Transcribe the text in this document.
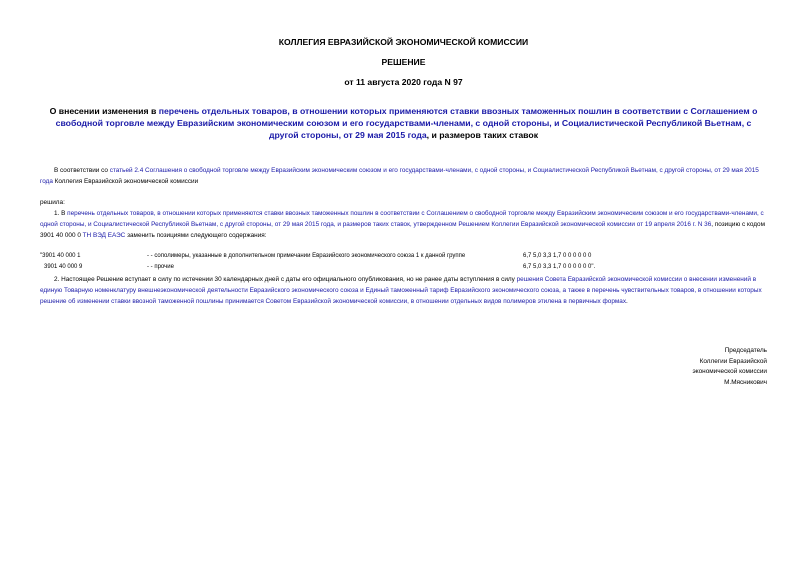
КОЛЛЕГИЯ ЕВРАЗИЙСКОЙ ЭКОНОМИЧЕСКОЙ КОМИССИИ
РЕШЕНИЕ
от 11 августа 2020 года N 97
О внесении изменения в перечень отдельных товаров, в отношении которых применяются ставки ввозных таможенных пошлин в соответствии с Соглашением о свободной торговле между Евразийским экономическим союзом и его государствами-членами, с одной стороны, и Социалистической Республикой Вьетнам, с другой стороны, от 29 мая 2015 года, и размеров таких ставок
В соответствии со статьей 2.4 Соглашения о свободной торговле между Евразийским экономическим союзом и его государствами-членами, с одной стороны, и Социалистической Республикой Вьетнам, с другой стороны, от 29 мая 2015 года Коллегия Евразийской экономической комиссии
решила:
1. В перечень отдельных товаров, в отношении которых применяются ставки ввозных таможенных пошлин в соответствии с Соглашением о свободной торговле между Евразийским экономическим союзом и его государствами-членами, с одной стороны, и Социалистической Республикой Вьетнам, с другой стороны, от 29 мая 2015 года, и размеров таких ставок, утвержденном Решением Коллегии Евразийской экономической комиссии от 19 апреля 2016 г. N 36, позицию с кодом 3901 40 000 0 ТН ВЭД ЕАЭС заменить позициями следующего содержания:
"3901 40 000 1	- - сополимеры, указанные в дополнительном примечании Евразийского экономического союза 1 к данной группе	6,7 5,0 3,3 1,7 0 0 0 0 0 0
3901 40 000 9	- - прочие	6,7 5,0 3,3 1,7 0 0 0 0 0 0".
2. Настоящее Решение вступает в силу по истечении 30 календарных дней с даты его официального опубликования, но не ранее даты вступления в силу решения Совета Евразийской экономической комиссии о внесении изменений в единую Товарную номенклатуру внешнеэкономической деятельности Евразийского экономического союза и Единый таможенный тариф Евразийского экономического союза, а также в перечень чувствительных товаров, в отношении которых решение об изменении ставки ввозной таможенной пошлины принимается Советом Евразийской экономической комиссии, в отношении отдельных видов полимеров этилена в первичных формах.
Председатель
Коллегии Евразийской
экономической комиссии
М.Мясникович
